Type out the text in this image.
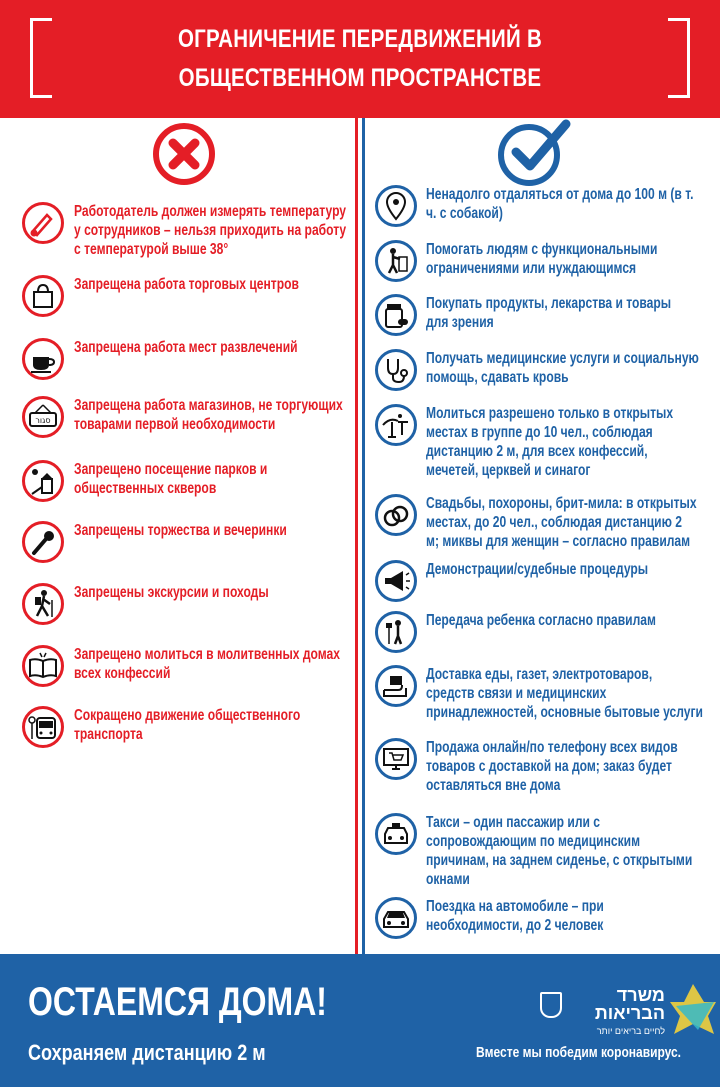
ОГРАНИЧЕНИЕ ПЕРЕДВИЖЕНИЙ В
ОБЩЕСТВЕННОМ ПРОСТРАНСТВЕ
Работодатель должен измерять температуру
у сотрудников – нельзя приходить на работу
с температурой выше 38°
Запрещена работа торговых центров
Запрещена работа мест развлечений
סגור
Запрещена работа магазинов, не торгующих
товарами первой необходимости
Запрещено посещение парков и
общественных скверов
Запрещены торжества и вечеринки
Запрещены экскурсии и походы
Запрещено молиться в молитвенных домах
всех конфессий
Сокращено движение общественного
транспорта
Ненадолго отдаляться от дома до 100 м (в т.
ч. с собакой)
Помогать людям с функциональными
ограничениями или нуждающимся
Покупать продукты, лекарства и товары
для зрения
Получать медицинские услуги и социальную
помощь, сдавать кровь
Молиться разрешено только в открытых
местах в группе до 10 чел., соблюдая
дистанцию 2 м, для всех конфессий,
мечетей, церквей и синагог
Свадьбы, похороны, брит-мила: в открытых
местах, до 20 чел., соблюдая дистанцию 2
м; миквы для женщин – согласно правилам
Демонстрации/судебные процедуры
Передача ребенка согласно правилам
Доставка еды, газет, электротоваров,
средств связи и медицинских
принадлежностей, основные бытовые услуги
Продажа онлайн/по телефону всех видов
товаров с доставкой на дом; заказ будет
оставляться вне дома
Такси – один пассажир или с
сопровождающим по медицинским
причинам, на заднем сиденье, с открытыми
окнами
Поездка на автомобиле – при
необходимости, до 2 человек
ОСТАЕМСЯ ДОМА!
Сохраняем дистанцию 2 м
משרד הבריאות
לחיים בריאים יותר
Вместе мы победим коронавирус.
